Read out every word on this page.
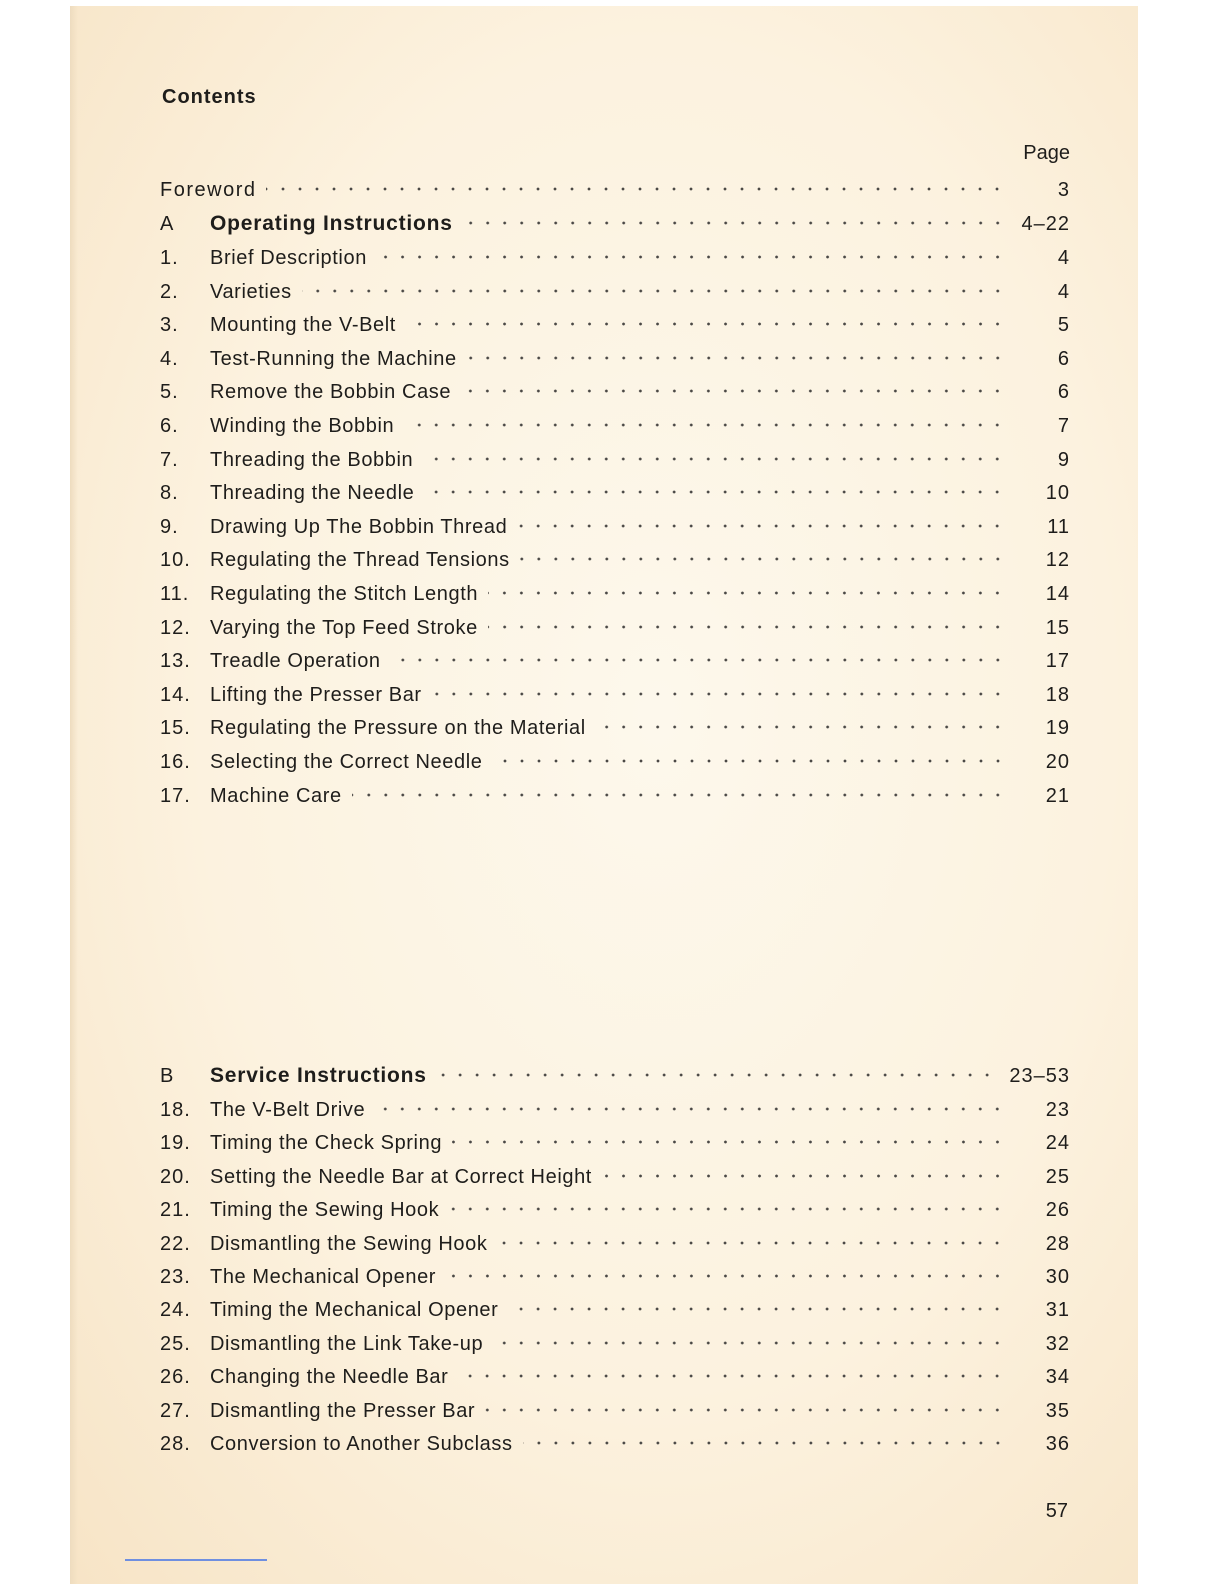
Contents
Page
Foreword	3
A	Operating Instructions	4–22
1.	Brief Description	4
2.	Varieties	4
3.	Mounting the V-Belt	5
4.	Test-Running the Machine	6
5.	Remove the Bobbin Case	6
6.	Winding the Bobbin	7
7.	Threading the Bobbin	9
8.	Threading the Needle	10
9.	Drawing Up The Bobbin Thread	11
10. Regulating the Thread Tensions	12
11.	Regulating the Stitch Length	14
12. Varying the Top Feed Stroke	15
13. Treadle Operation	17
14. Lifting the Presser Bar	18
15. Regulating the Pressure on the Material	19
16. Selecting the Correct Needle	20
17. Machine Care	21
B	Service Instructions	23–53
18. The V-Belt Drive	23
19. Timing the Check Spring	24
20. Setting the Needle Bar at Correct Height	25
21. Timing the Sewing Hook	26
22. Dismantling the Sewing Hook	28
23. The Mechanical Opener	30
24. Timing the Mechanical Opener	31
25. Dismantling the Link Take-up	32
26. Changing the Needle Bar	34
27. Dismantling the Presser Bar	35
28. Conversion to Another Subclass	36
57
